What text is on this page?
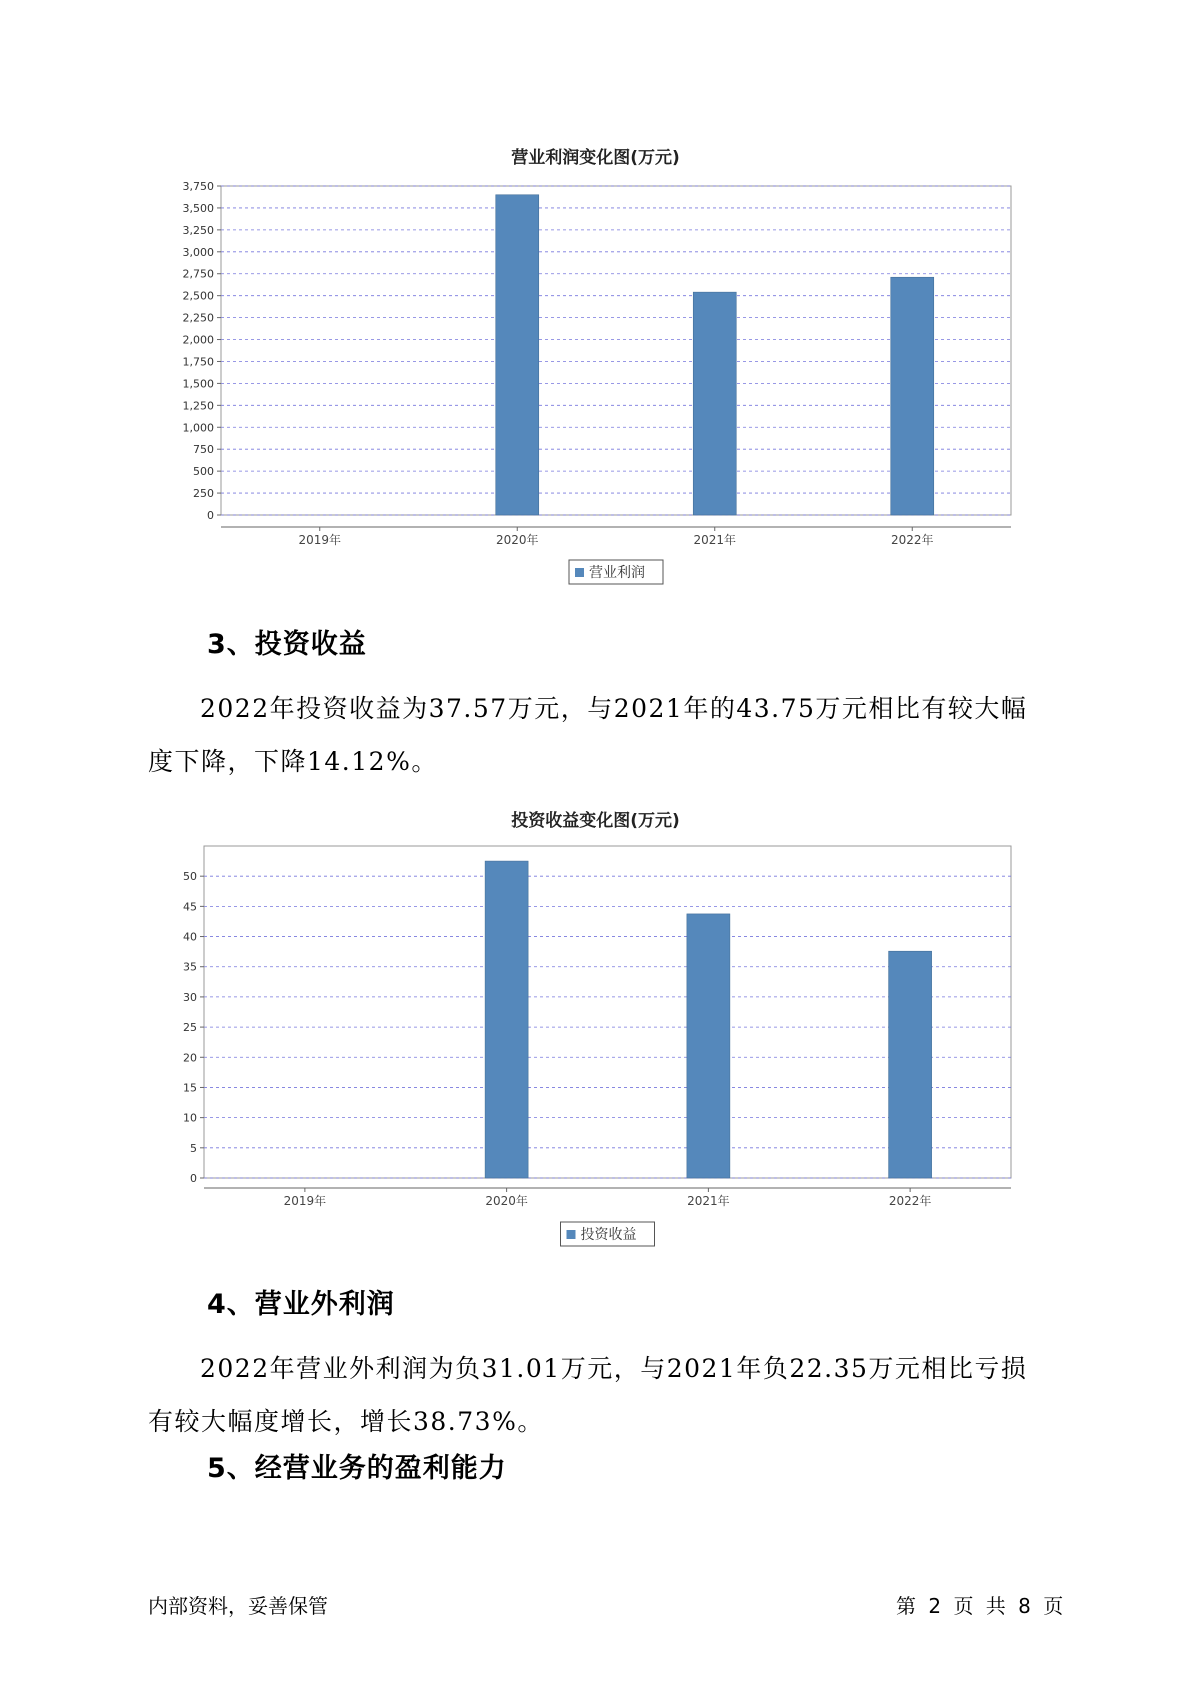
营业利润变化图(万元)
0
250
500
750
1,000
1,250
1,500
1,750
2,000
2,250
2,500
2,750
3,000
3,250
3,500
3,750
2019年	2020年	2021年	2022年
营业利润
3、投资收益

2022年投资收益为37.57万元，与2021年的43.75万元相比有较大幅度下降，下降14.12%。

投资收益变化图(万元)
0
5
10
15
20
25
30
35
40
45
50
2019年	2020年	2021年	2022年
投资收益
4、营业外利润

2022年营业外利润为负31.01万元，与2021年负22.35万元相比亏损有较大幅度增长，增长38.73%。

5、经营业务的盈利能力
内部资料，妥善保管	第 2 页 共 8 页
